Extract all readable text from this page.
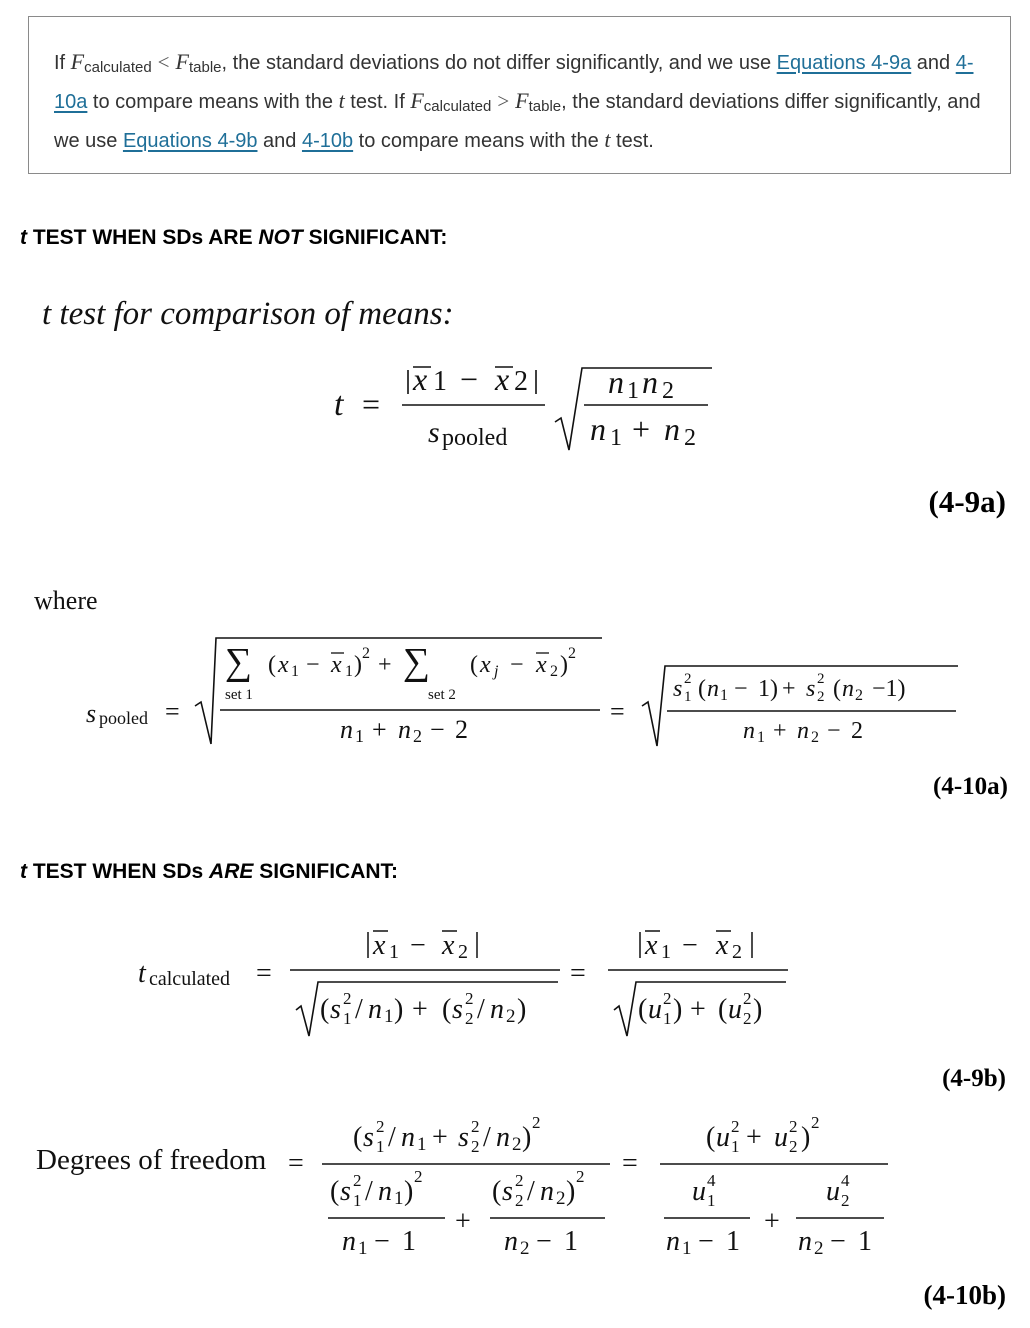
If $F_{calculated} < F_{table}$, the standard deviations do not differ significantly, and we use Equations 4-9a and 4-10a to compare means with the t test. If $F_{calculated} > F_{table}$, the standard deviations differ significantly, and we use Equations 4-9b and 4-10b to compare means with the t test.
t TEST WHEN SDs ARE NOT SIGNIFICANT:
t test for comparison of means:
t =
x 1 − x 2
s pooled
n 1 n 2
n 1 + n 2
(4-9a)
where
s pooled =
∑
set 1
( x 1 − x 1 ) 2 + ∑
set 2
( x j − x 2 ) 2
n 1 + n 2 − 2
=
s 2
1 ( n 1 − 1) + s 2
2 ( n 2 −1)
n 1 + n 2 − 2
(4-10a)
t TEST WHEN SDs ARE SIGNIFICANT:
t calculated =
x 1 − x 2
( s 2
1 / n 1 ) + ( s 2
2 / n 2 )
=
x 1 − x 2
( u 2
1 ) + ( u 2
2 )
(4-9b)
Degrees of freedom =
( s 2
1 / n 1 + s 2
2 / n 2 ) 2
( s 2
1 / n 1 ) 2
n 1 − 1
+
( s 2
2 / n 2 ) 2
n 2 − 1
=
( u 2
1 + u 2
2 ) 2
u 4
1
n 1 − 1
+
u 4
2
n 2 − 1
(4-10b)
